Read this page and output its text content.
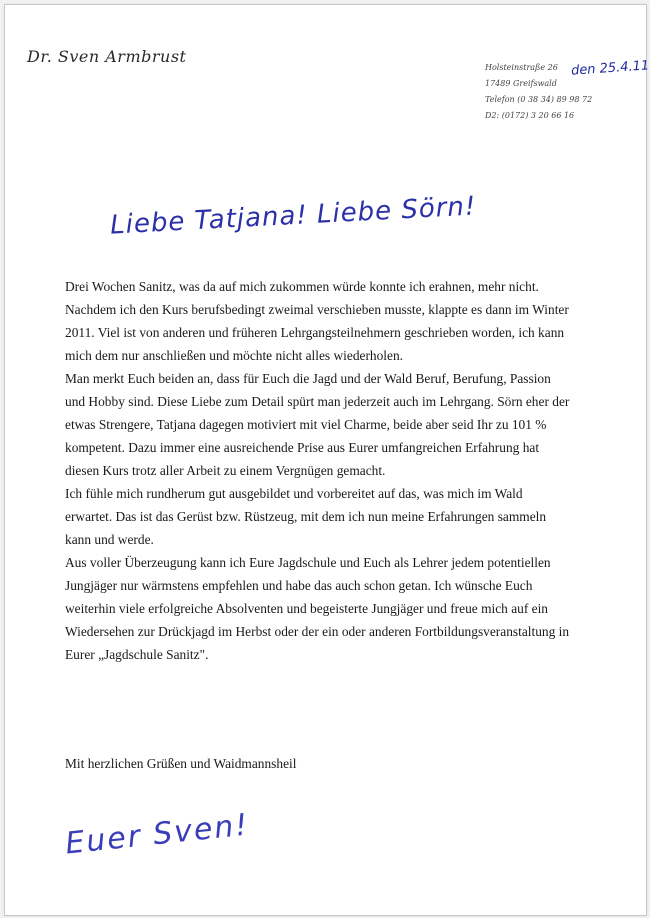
Dr. Sven Armbrust
Holsteinstraße 26
17489 Greifswald
Telefon (0 38 34) 89 98 72
D2: (0172) 3 20 66 16
den 25.4.11
Liebe Tatjana! Liebe Sörn!
Drei Wochen Sanitz, was da auf mich zukommen würde konnte ich erahnen, mehr nicht.
Nachdem ich den Kurs berufsbedingt zweimal verschieben musste, klappte es dann im Winter
2011. Viel ist von anderen und früheren Lehrgangsteilnehmern geschrieben worden, ich kann
mich dem nur anschließen und möchte nicht alles wiederholen.
Man merkt Euch beiden an, dass für Euch die Jagd und der Wald Beruf, Berufung, Passion
und Hobby sind. Diese Liebe zum Detail spürt man jederzeit auch im Lehrgang. Sörn eher der
etwas Strengere, Tatjana dagegen motiviert mit viel Charme, beide aber seid Ihr zu 101 %
kompetent. Dazu immer eine ausreichende Prise aus Eurer umfangreichen Erfahrung hat
diesen Kurs trotz aller Arbeit zu einem Vergnügen gemacht.
Ich fühle mich rundherum gut ausgebildet und vorbereitet auf das, was mich im Wald
erwartet. Das ist das Gerüst bzw. Rüstzeug, mit dem ich nun meine Erfahrungen sammeln
kann und werde.
Aus voller Überzeugung kann ich Eure Jagdschule und Euch als Lehrer jedem potentiellen
Jungjäger nur wärmstens empfehlen und habe das auch schon getan. Ich wünsche Euch
weiterhin viele erfolgreiche Absolventen und begeisterte Jungjäger und freue mich auf ein
Wiedersehen zur Drückjagd im Herbst oder der ein oder anderen Fortbildungsveranstaltung in
Eurer „Jagdschule Sanitz".
Mit herzlichen Grüßen und Waidmannsheil
Euer Sven!
